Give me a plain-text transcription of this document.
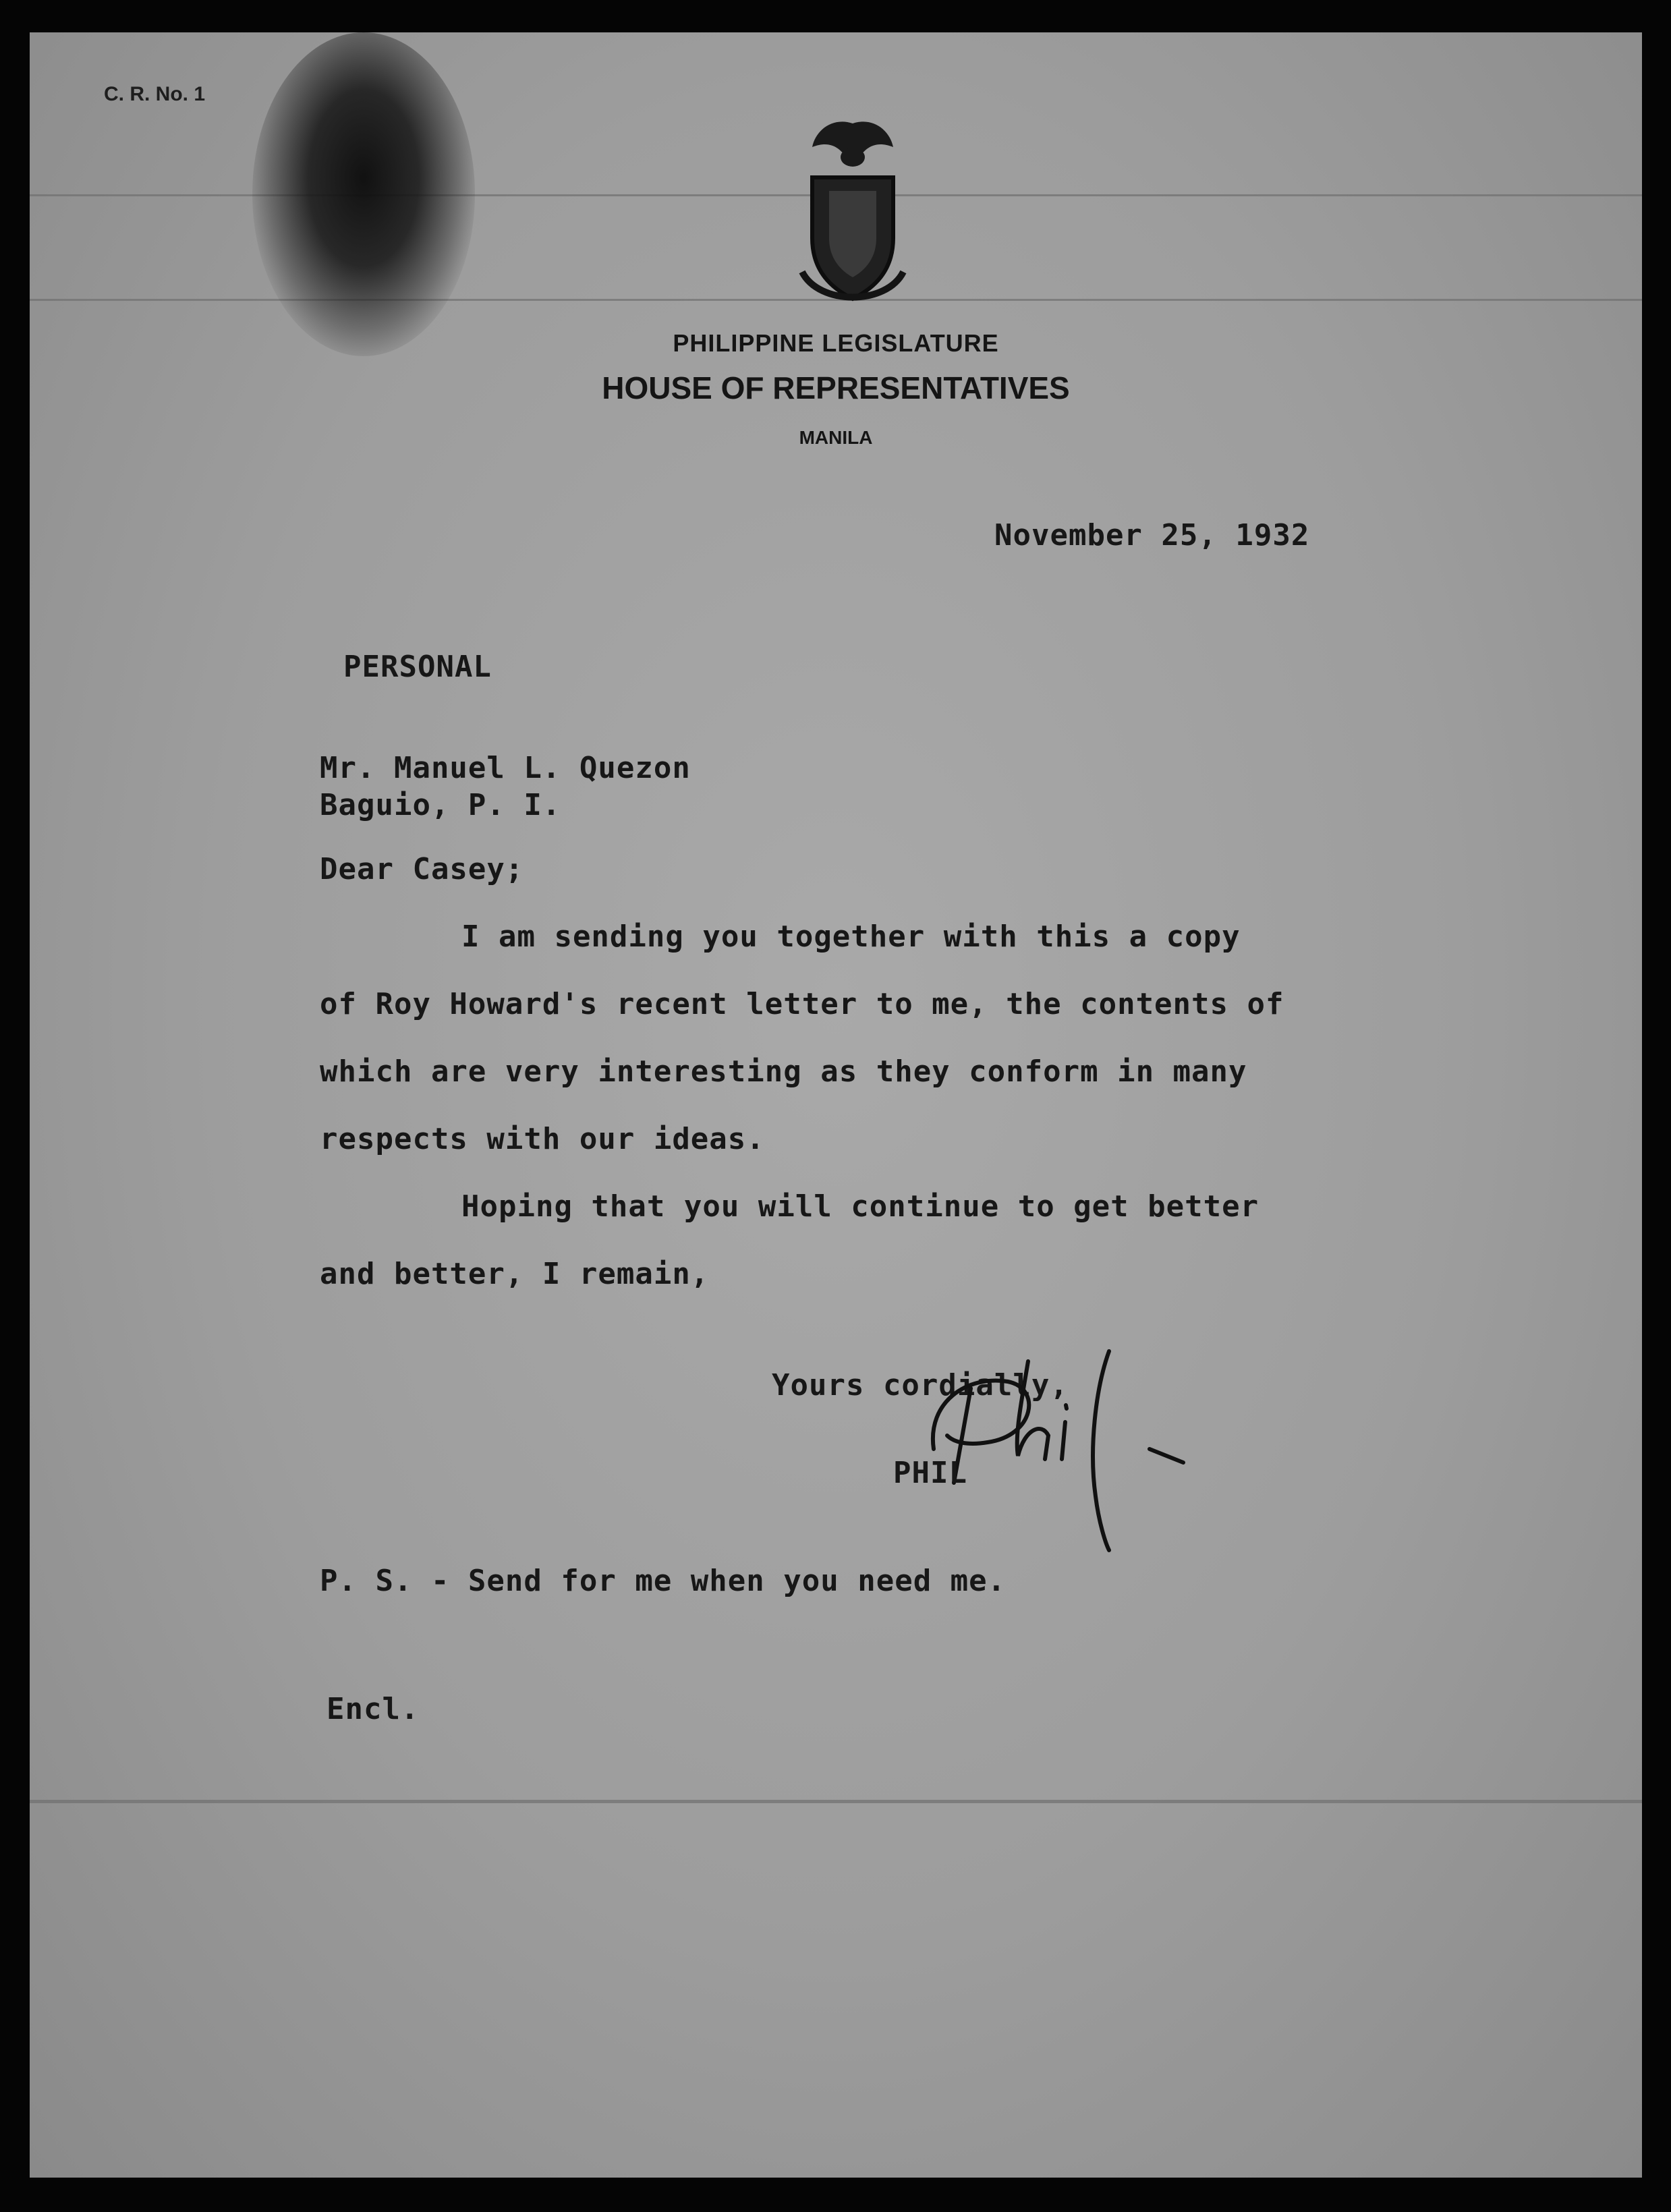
C. R. No. 1
PHILIPPINE LEGISLATURE
HOUSE OF REPRESENTATIVES
MANILA
November 25, 1932
PERSONAL
Mr. Manuel L. Quezon
Baguio, P. I.
Dear Casey;
I am sending you together with this a copy
of Roy Howard's recent letter to me, the contents of
which are very interesting as they conform in many
respects with our ideas.
Hoping that you will continue to get better
and better, I remain,
Yours cordially,
PHIL
P. S. - Send for me when you need me.
Encl.
